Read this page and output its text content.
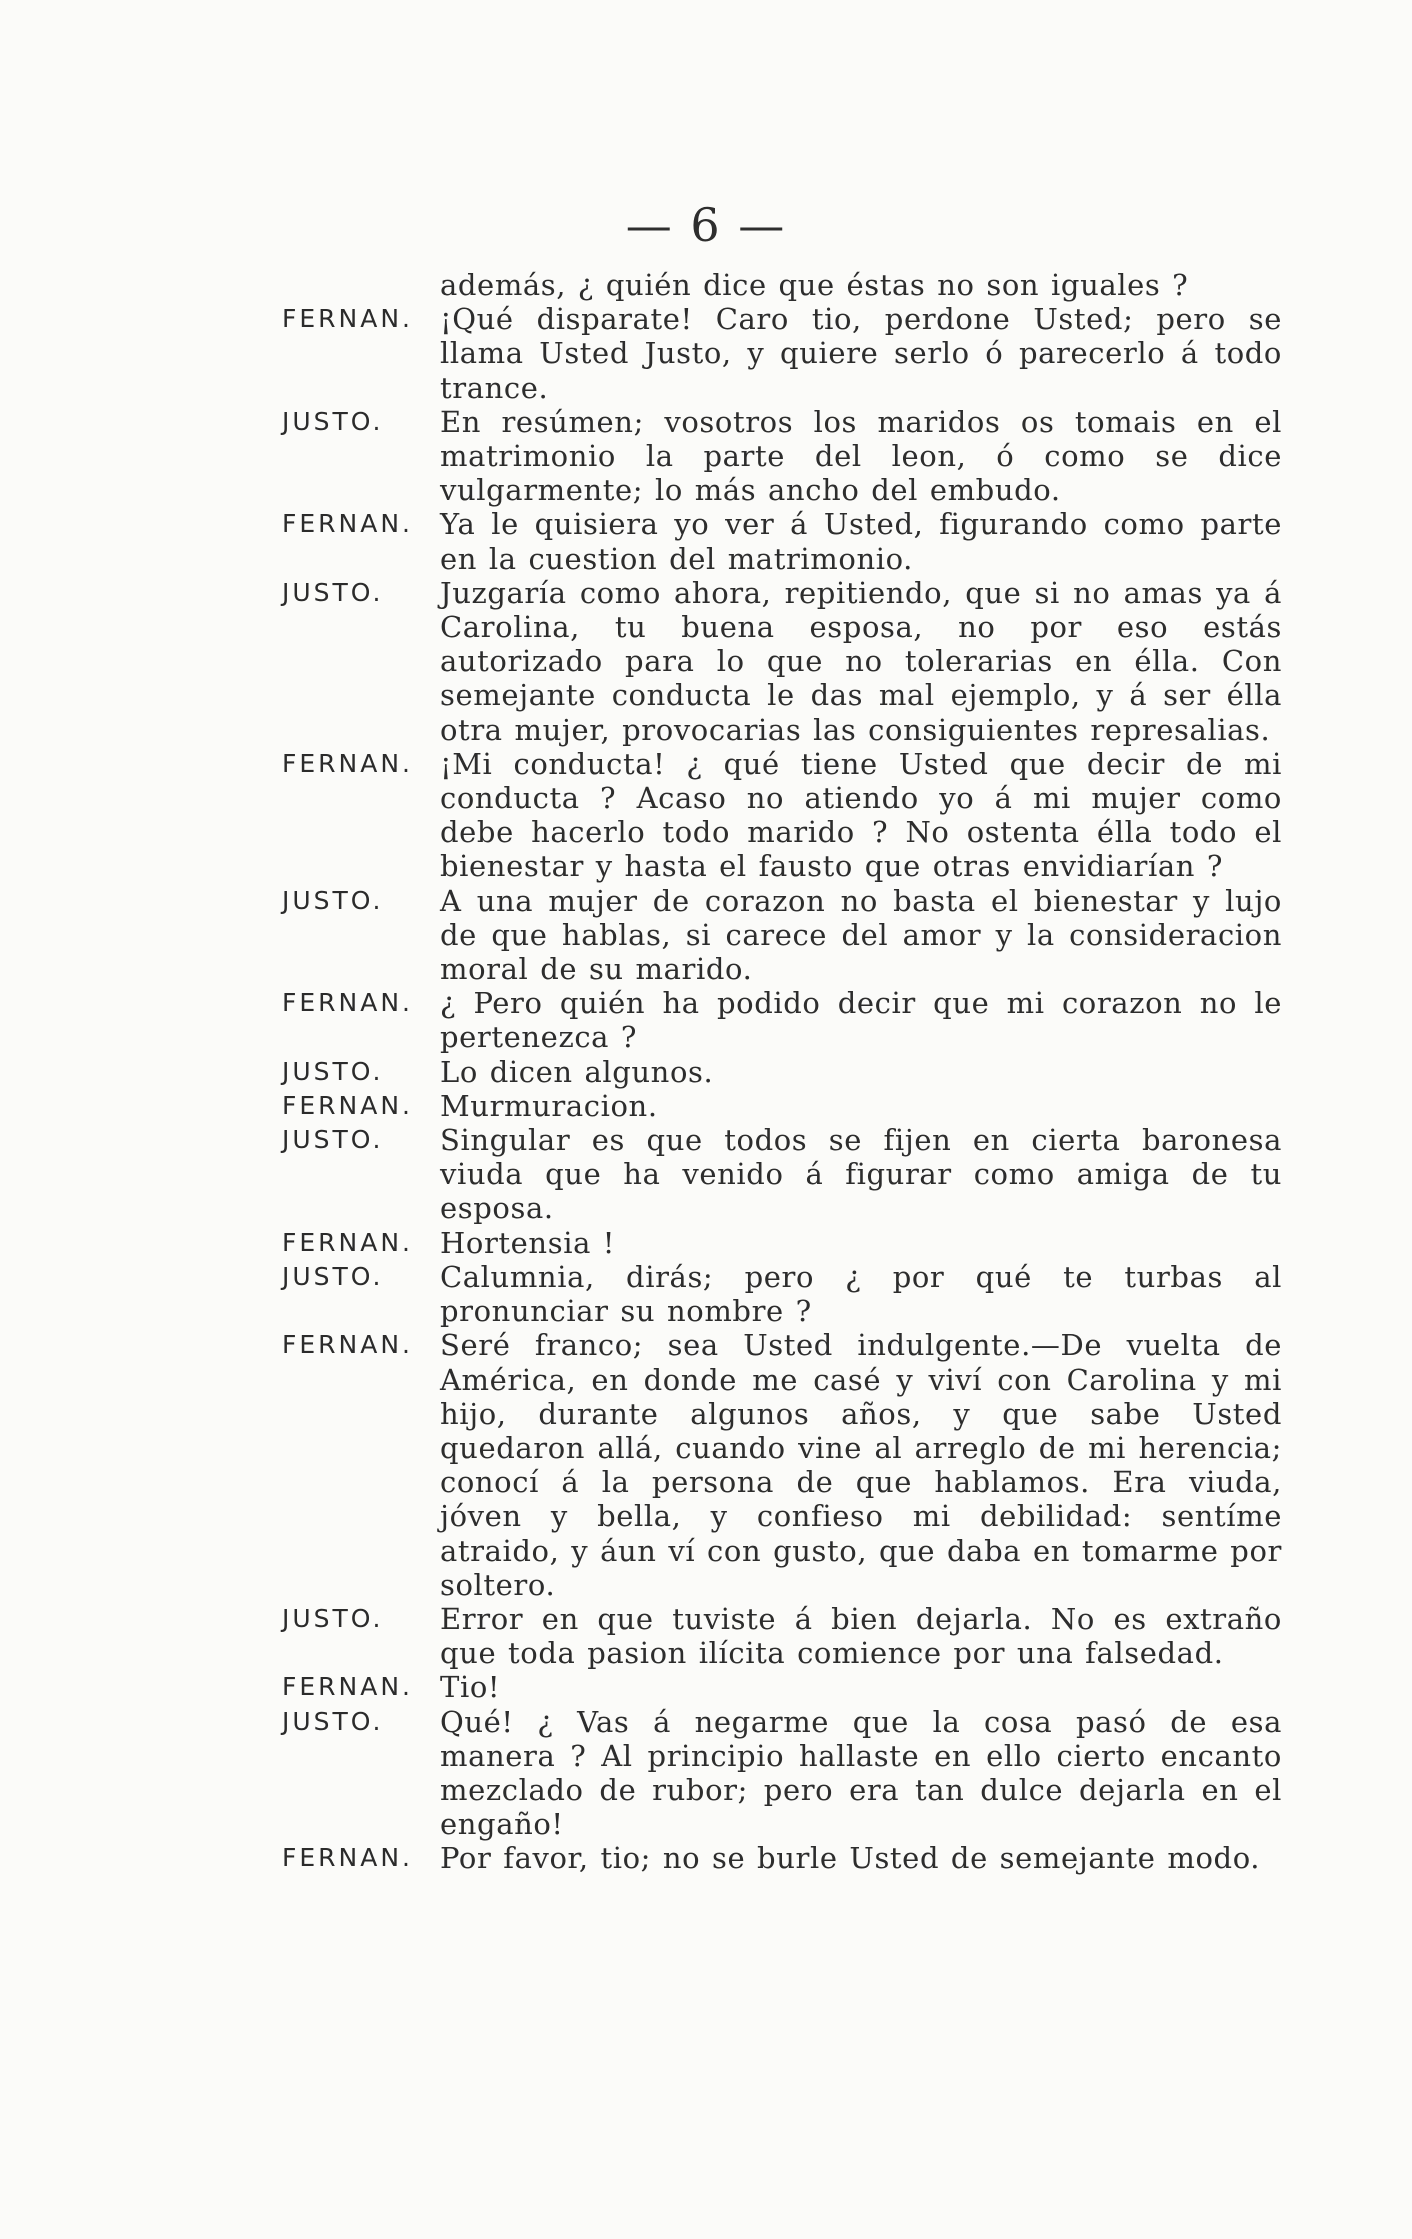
— 6 —

además, ¿ quién dice que éstas no son iguales ?

FERNAN. ¡Qué disparate! Caro tio, perdone Usted; pero se llama Usted Justo, y quiere serlo ó parecerlo á todo trance.

JUSTO.	En resúmen; vosotros los maridos os tomais en el matrimonio la parte del leon, ó como se dice vulgarmente; lo más ancho del embudo.

FERNAN. Ya le quisiera yo ver á Usted, figurando como parte en la cuestion del matrimonio.

JUSTO.	Juzgaría como ahora, repitiendo, que si no amas ya á Carolina, tu buena esposa, no por eso estás autorizado para lo que no tolerarias en élla. Con semejante conducta le das mal ejemplo, y á ser élla otra mujer, provocarias las consiguientes represalias.

FERNAN. ¡Mi conducta! ¿ qué tiene Usted que decir de mi conducta ? Acaso no atiendo yo á mi mujer como debe hacerlo todo marido ? No ostenta élla todo el bienestar y hasta el fausto que otras envidiarían ?

JUSTO.	A una mujer de corazon no basta el bienestar y lujo de que hablas, si carece del amor y la consideracion moral de su marido.

FERNAN. ¿ Pero quién ha podido decir que mi corazon no le pertenezca ?

JUSTO.	Lo dicen algunos.

FERNAN. Murmuracion.

JUSTO.	Singular es que todos se fijen en cierta baronesa viuda que ha venido á figurar como amiga de tu esposa.

FERNAN. Hortensia !

JUSTO.	Calumnia, dirás; pero ¿ por qué te turbas al pronunciar su nombre ?

FERNAN. Seré franco; sea Usted indulgente.—De vuelta de América, en donde me casé y viví con Carolina y mi hijo, durante algunos años, y que sabe Usted quedaron allá, cuando vine al arreglo de mi herencia; conocí á la persona de que hablamos. Era viuda, jóven y bella, y confieso mi debilidad: sentíme atraido, y áun ví con gusto, que daba en tomarme por soltero.

JUSTO.	Error en que tuviste á bien dejarla. No es extraño que toda pasion ilícita comience por una falsedad.

FERNAN. Tio!

JUSTO.	Qué! ¿ Vas á negarme que la cosa pasó de esa manera ? Al principio hallaste en ello cierto encanto mezclado de rubor; pero era tan dulce dejarla en el engaño!

FERNAN. Por favor, tio; no se burle Usted de semejante modo.
